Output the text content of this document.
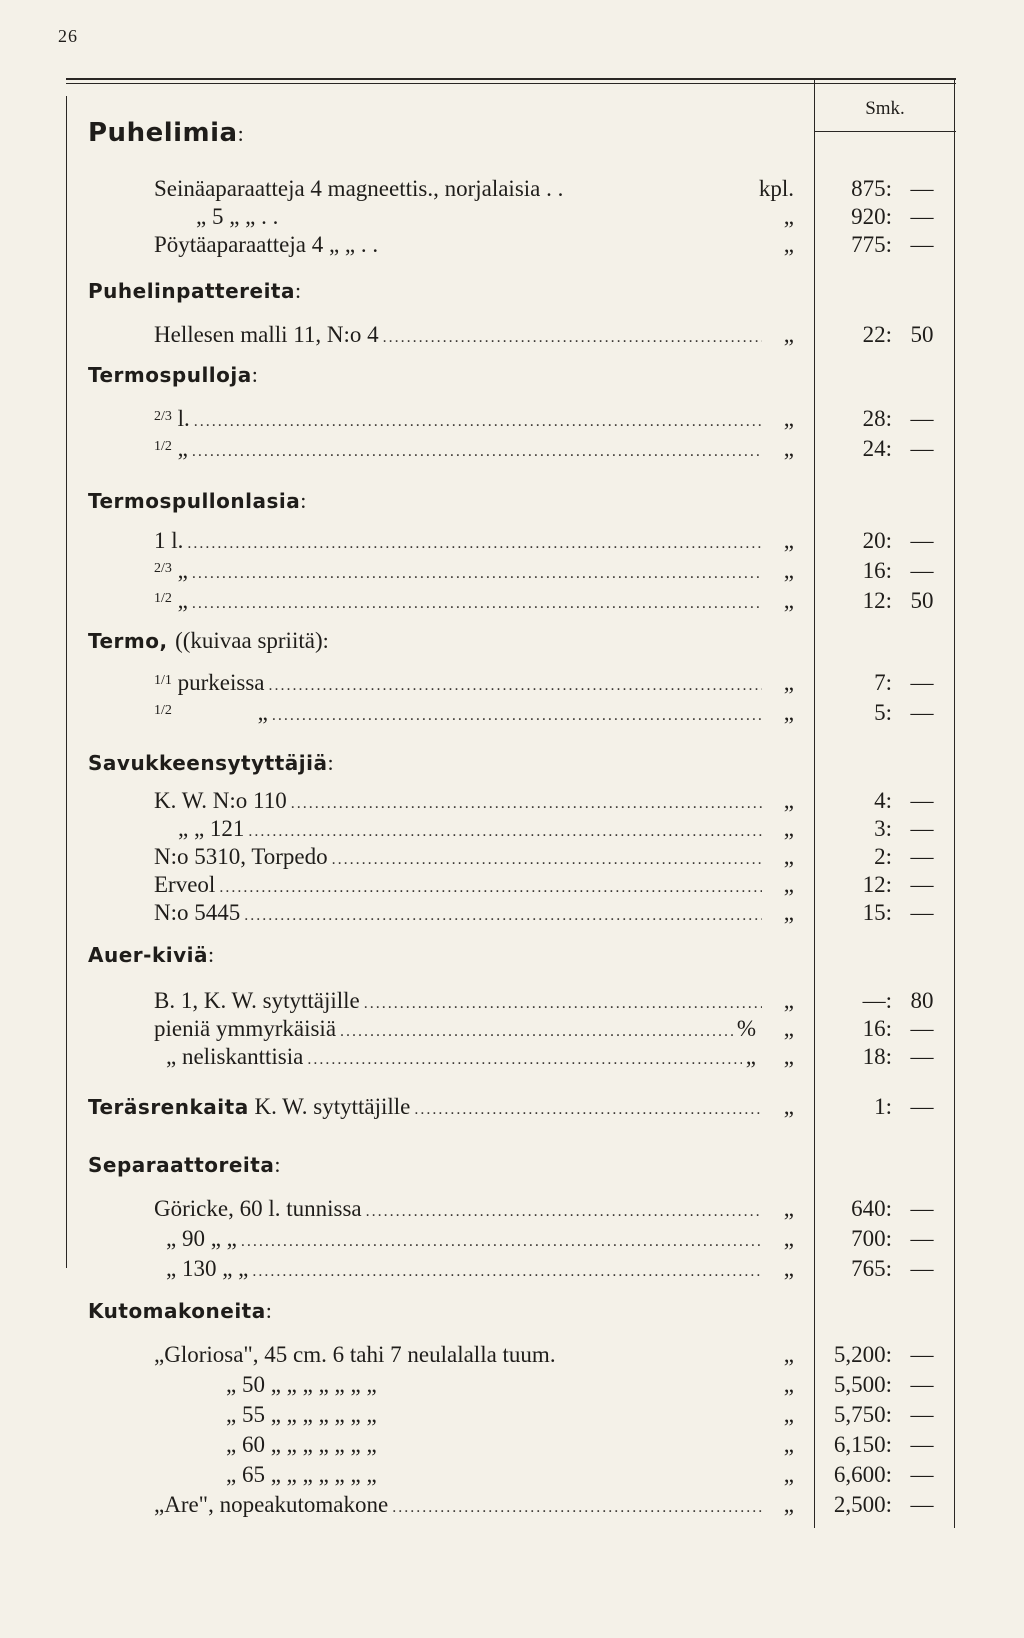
26
Smk.
Puhelimia:
Seinäaparaatteja 4 magneettis., norjalaisia . .	kpl. 875: —
„ 5 „ „ . .	„ 920: —
Pöytäaparaatteja 4 „ „ . .	„ 775: —
Puhelinpattereita:
Hellesen malli 11, N:o 4 .....	„	22: 50
Termospulloja:
$^{2/3}$ l. .....	„	28: —
$^{1/2}$ „ .....	„	24: —
Termospullonlasia:
1 l. .....	„	20: —
$^{2/3}$ „ .....	„	16: —
$^{1/2}$ „ .....	„	12: 50
Termo, ((kuivaa spriitä):
$^{1/1}$ purkeissa .....	„	7: —
$^{1/2}$	„ .....	„	5: —
Savukkeensytyttäjiä:
K. W. N:o 110 .....	„	4: —
„ „ 121 .....	„	3: —
N:o 5310, Torpedo .....	„	2: —
Erveol .....	„	12: —
N:o 5445 .....	„	15: —
Auer-kiviä:
B. 1, K. W. sytyttäjille .....	„	—: 80
pieniä ymmyrkäisiä .....	%	„	16: —
„ neliskanttisia .....	„	„	18: —
Teräsrenkaita K. W. sytyttäjille .....	„	1: —
Separaattoreita:
Göricke, 60 l. tunnissa .....	„ 640: —
„ 90 „ „ .....	„ 700: —
„ 130 „ „ .....	„ 765: —
Kutomakoneita:
„Gloriosa", 45 cm. 6 tahi 7 neulalalla tuum.	„ 5,200: —
„ 50 „ „ „ „ „ „ „	„ 5,500: —
„ 55 „ „ „ „ „ „ „	„ 5,750: —
„ 60 „ „ „ „ „ „ „	„ 6,150: —
„ 65 „ „ „ „ „ „ „	„ 6,600: —
„Are", nopeakutomakone .....	„ 2,500: —
